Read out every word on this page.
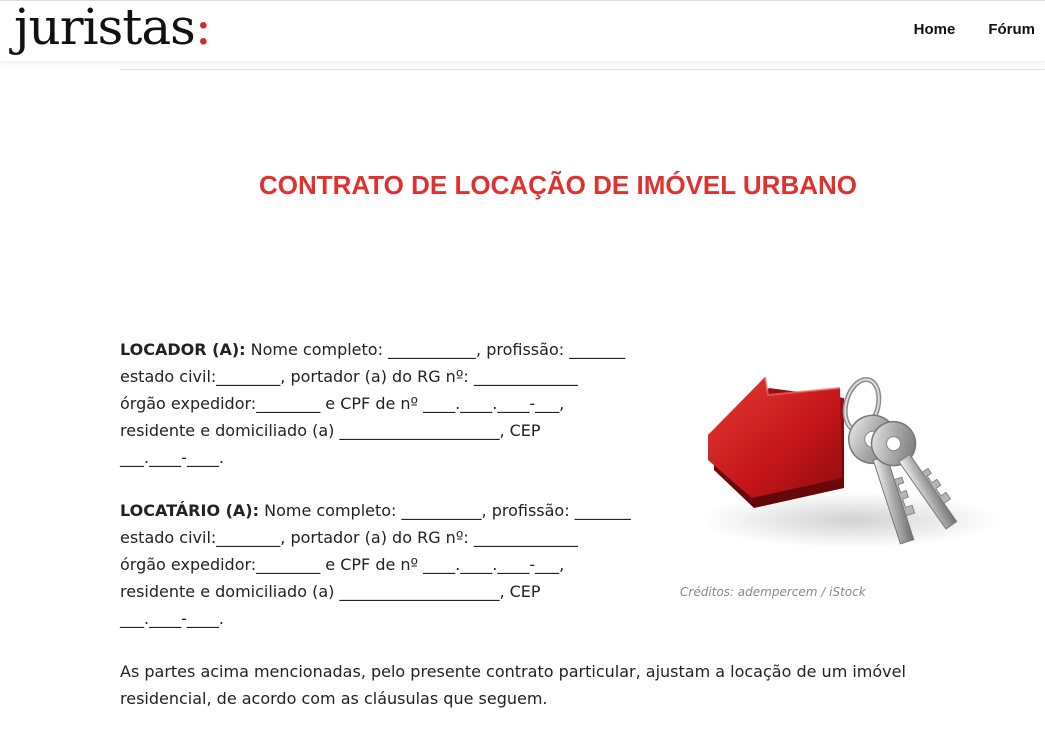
juristas:	Home Fórum
CONTRATO DE LOCAÇÃO DE IMÓVEL URBANO
LOCADOR (A): Nome completo: ___________, profissão: _______
estado civil:________, portador (a) do RG nº: _____________
órgão expedidor:________ e CPF de nº ____.____.____-___,
residente e domiciliado (a) ____________________, CEP
___.____-____.
LOCATÁRIO (A): Nome completo: __________, profissão: _______
estado civil:________, portador (a) do RG nº: _____________
órgão expedidor:________ e CPF de nº ____.____.____-___,
residente e domiciliado (a) ____________________, CEP
___.____-____.
Créditos: adempercem / iStock

As partes acima mencionadas, pelo presente contrato particular, ajustam a locação de um imóvel residencial, de acordo com as cláusulas que seguem.
